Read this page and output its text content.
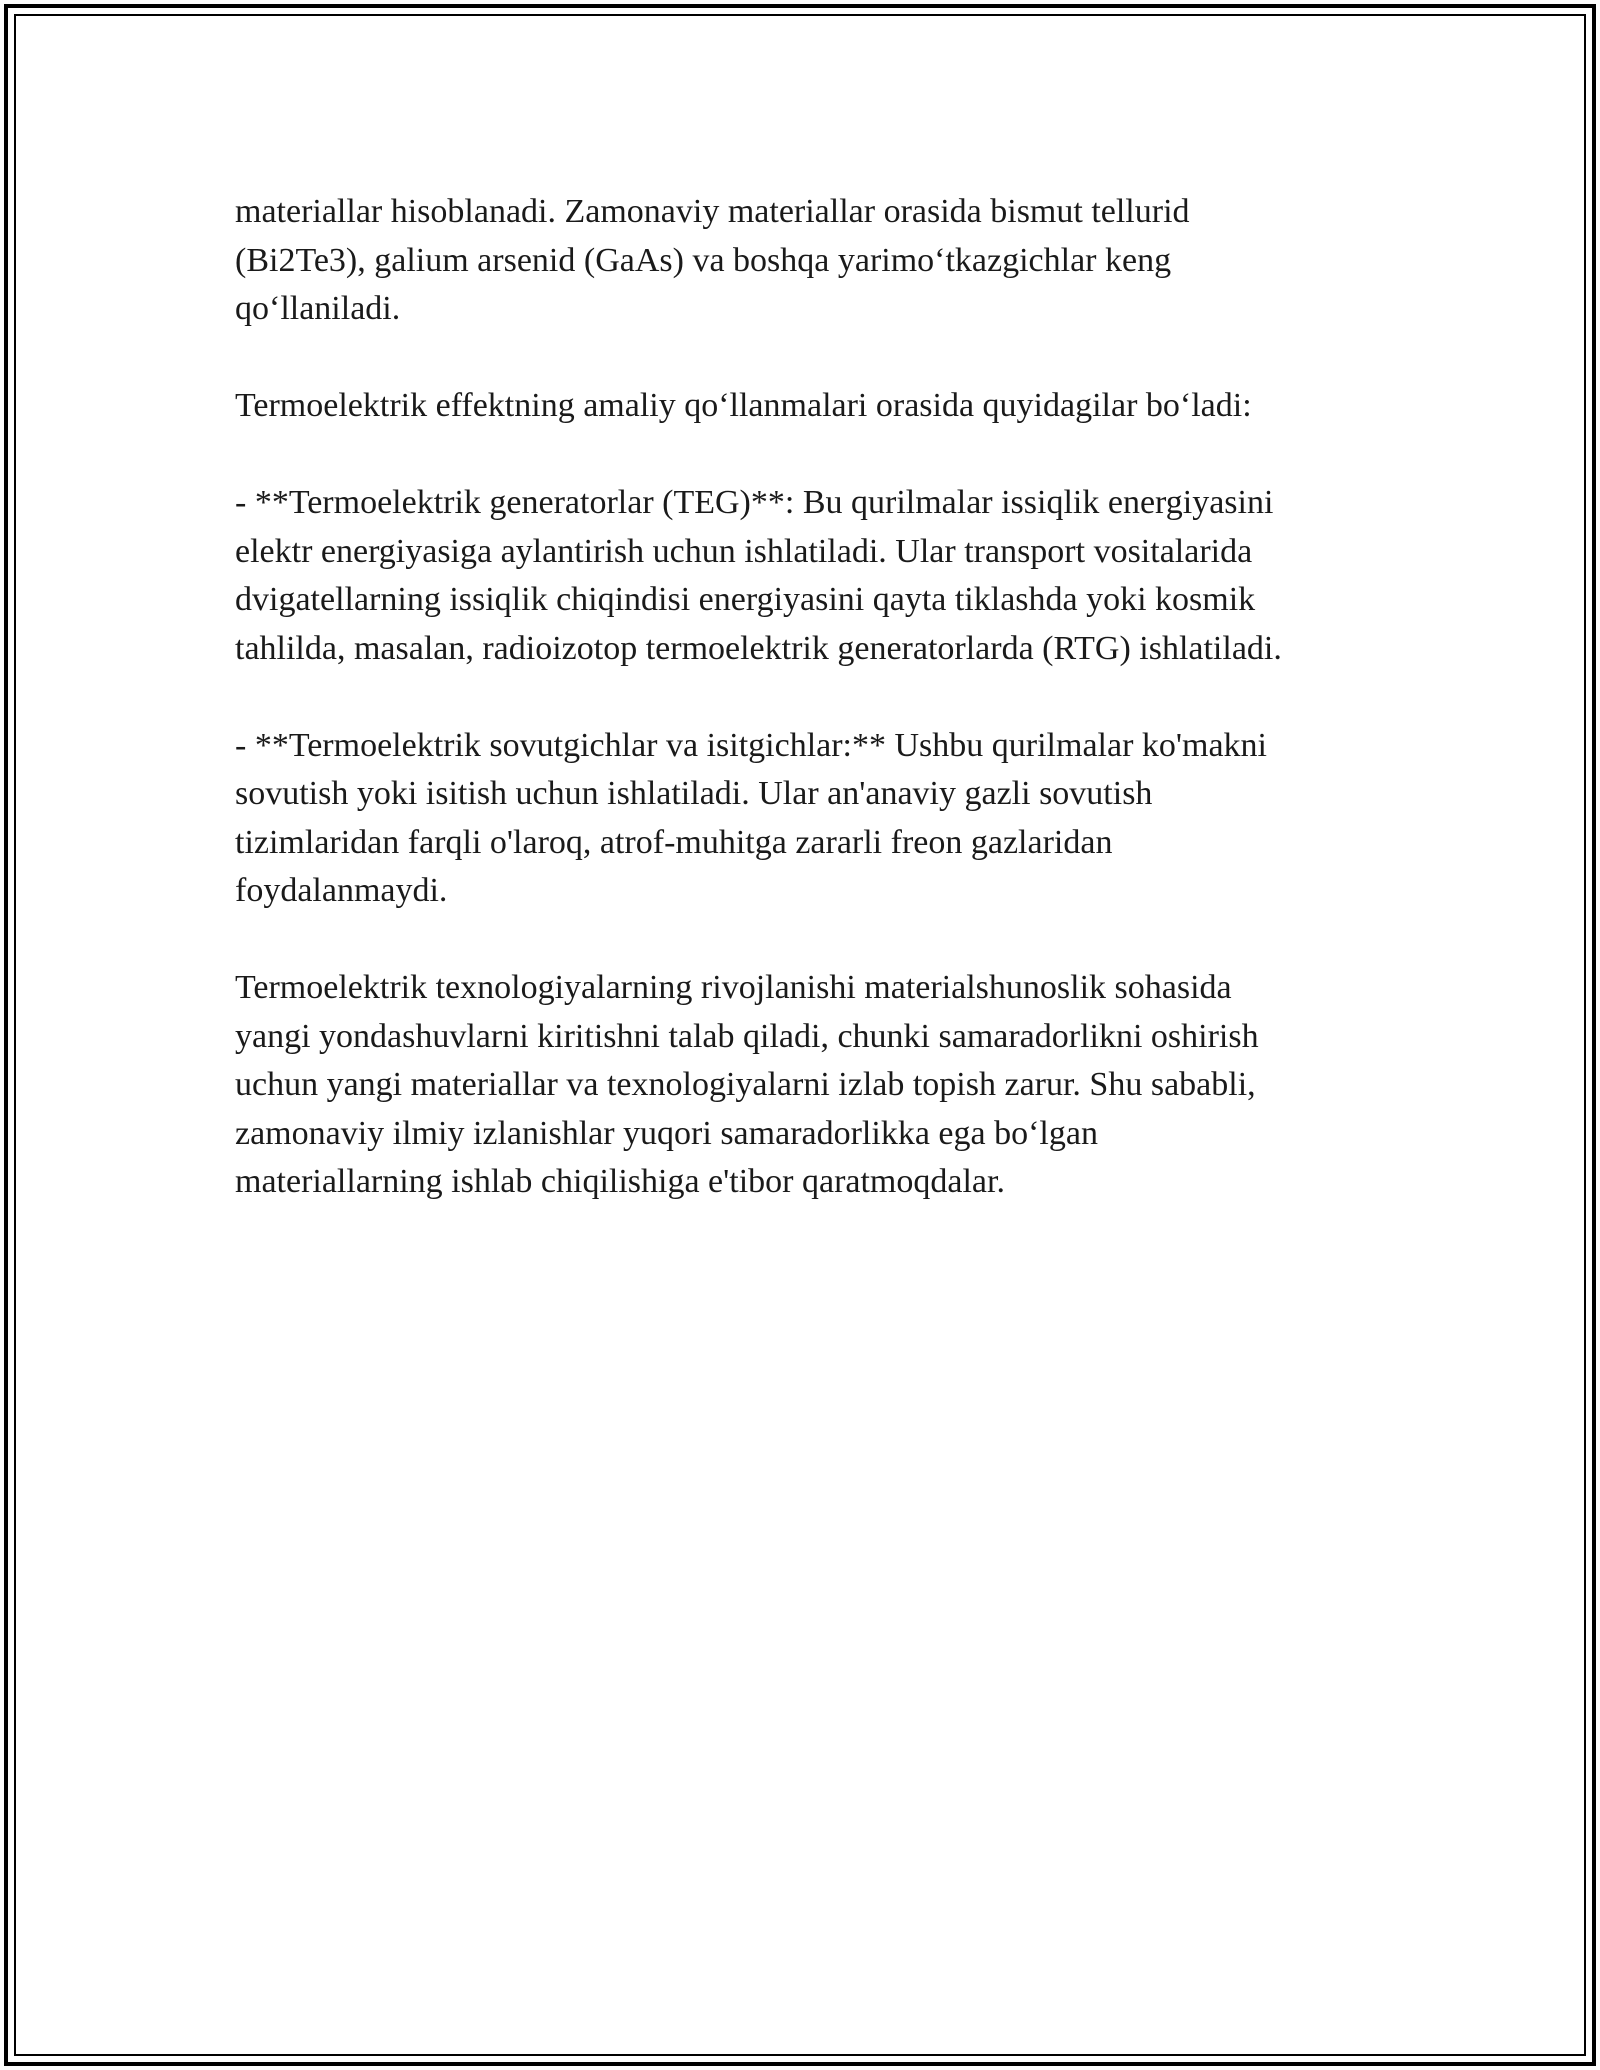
materiallar hisoblanadi. Zamonaviy materiallar orasida bismut tellurid
(Bi2Te3), galium arsenid (GaAs) va boshqa yarimo‘tkazgichlar keng
qo‘llaniladi.

Termoelektrik effektning amaliy qo‘llanmalari orasida quyidagilar bo‘ladi:

- **Termoelektrik generatorlar (TEG)**: Bu qurilmalar issiqlik energiyasini
elektr energiyasiga aylantirish uchun ishlatiladi. Ular transport vositalarida
dvigatellarning issiqlik chiqindisi energiyasini qayta tiklashda yoki kosmik
tahlilda, masalan, radioizotop termoelektrik generatorlarda (RTG) ishlatiladi.

- **Termoelektrik sovutgichlar va isitgichlar:** Ushbu qurilmalar ko'makni
sovutish yoki isitish uchun ishlatiladi. Ular an'anaviy gazli sovutish
tizimlaridan farqli o'laroq, atrof-muhitga zararli freon gazlaridan
foydalanmaydi.

Termoelektrik texnologiyalarning rivojlanishi materialshunoslik sohasida
yangi yondashuvlarni kiritishni talab qiladi, chunki samaradorlikni oshirish
uchun yangi materiallar va texnologiyalarni izlab topish zarur. Shu sababli,
zamonaviy ilmiy izlanishlar yuqori samaradorlikka ega bo‘lgan
materiallarning ishlab chiqilishiga e'tibor qaratmoqdalar.
